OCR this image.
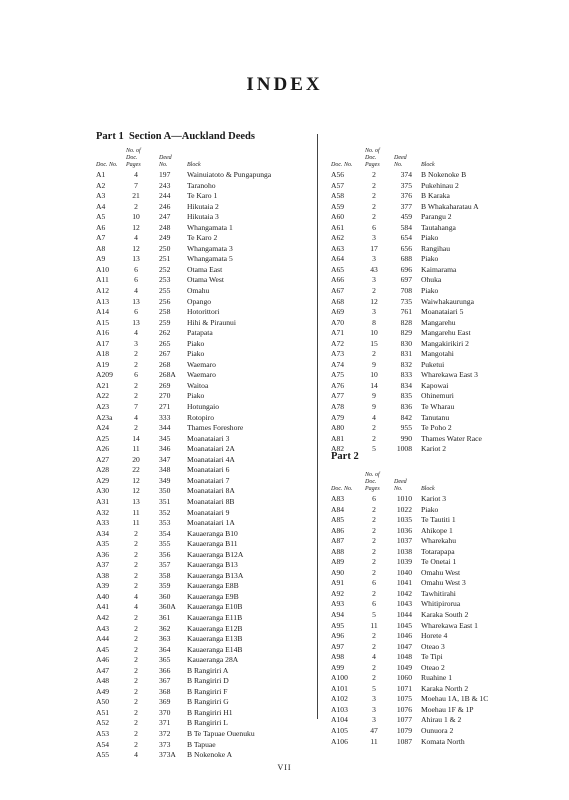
INDEX
Part 1 Section A—Auckland Deeds
Doc. No.
No. of Doc. Pages
Deed No.	Block
A1	4	197 Wainuiatoto & Pungapunga
A2	7	243 Taranoho
A3	21	244 Te Karo 1
A4	2	246 Hikutaia 2
A5	10	247 Hikutaia 3
A6	12	248 Whangamata 1
A7	4	249 Te Karo 2
A8	12	250 Whangamata 3
A9	13	251 Whangamata 5
A10	6	252 Otama East
A11	6	253 Otama West
A12	4	255 Omahu
A13	13	256 Opango
A14	6	258 Hotorittori
A15	13	259 Hihi & Piraunui
A16	4	262 Patapata
A17	3	265 Piako
A18	2	267 Piako
A19	2	268 Waemaro
A209	6	268A Waemaro
A21	2	269 Waitoa
A22	2	270 Piako
A23	7	271 Hotungaio
A23a	4	333 Rotopiro
A24	2	344 Thames Foreshore
A25	14	345 Moanataiari 3
A26	11	346 Moanataiari 2A
A27	20	347 Moanataiari 4A
A28	22	348 Moanataiari 6
A29	12	349 Moanataiari 7
A30	12	350 Moanataiari 8A
A31	13	351 Moanataiari 8B
A32	11	352 Moanataiari 9
A33	11	353 Moanataiari 1A
A34	2	354 Kauaeranga B10
A35	2	355 Kauaeranga B11
A36	2	356 Kauaeranga B12A
A37	2	357 Kauaeranga B13
A38	2	358 Kauaeranga B13A
A39	2	359 Kauaeranga E8B
A40	4	360 Kauaeranga E9B
A41	4	360A Kauaeranga E10B
A42	2	361 Kauaeranga E11B
A43	2	362 Kauaeranga E12B
A44	2	363 Kauaeranga E13B
A45	2	364 Kauaeranga E14B
A46	2	365 Kauaeranga 28A
A47	2	366 B Rangiriri A
A48	2	367 B Rangiriri D
A49	2	368 B Rangiriri F
A50	2	369 B Rangiriri G
A51	2	370 B Rangiriri H1
A52	2	371 B Rangiriri L
A53	2	372 B Te Tapuae Ouenuku
A54	2	373 B Tapuae
A55	4	373A B Nokenoke A
Doc. No.
No. of Doc. Pages
Deed No.	Block
A56	2	374 B Nokenoke B
A57	2	375 Pukehinau 2
A58	2	376 B Karaka
A59	2	377 B Whakaharatau A
A60	2	459 Parangu 2
A61	6	584 Tautahanga
A62	3	654 Piako
A63	17	656 Rangihau
A64	3	688 Piako
A65	43	696 Kaimarama
A66	3	697 Ohuka
A67	2	708 Piako
A68	12	735 Waiwhakaurunga
A69	3	761 Moanataiari 5
A70	8	828 Mangarehu
A71	10	829 Mangarehu East
A72	15	830 Mangakirikiri 2
A73	2	831 Mangotahi
A74	9	832 Puketui
A75	10	833 Wharekawa East 3
A76	14	834 Kapowai
A77	9	835 Ohinemuri
A78	9	836 Te Wharau
A79	4	842 Tanutanu
A80	2	955 Te Poho 2
A81	2	990 Thames Water Race
A82	5	1008 Kariot 2
Part 2
Doc. No.
No. of Doc. Pages
Deed No.	Block
A83	6	1010 Kariot 3
A84	2	1022 Piako
A85	2	1035 Te Tautiti 1
A86	2	1036 Ahikope 1
A87	2	1037 Wharekahu
A88	2	1038 Totarapapa
A89	2	1039 Te Onetai 1
A90	2	1040 Omahu West
A91	6	1041 Omahu West 3
A92	2	1042 Tawhitirahi
A93	6	1043 Whitipirorua
A94	5	1044 Karaka South 2
A95	11	1045 Wharekawa East 1
A96	2	1046 Horete 4
A97	2	1047 Oteao 3
A98	4	1048 Te Tipi
A99	2	1049 Oteao 2
A100	2	1060 Ruahine 1
A101	5	1071 Karaka North 2
A102	3	1075 Moehau 1A, 1B & 1C
A103	3	1076 Moehau 1F & 1P
A104	3	1077 Ahirau 1 & 2
A105	47	1079 Ounuora 2
A106	11	1087 Komata North
VII
